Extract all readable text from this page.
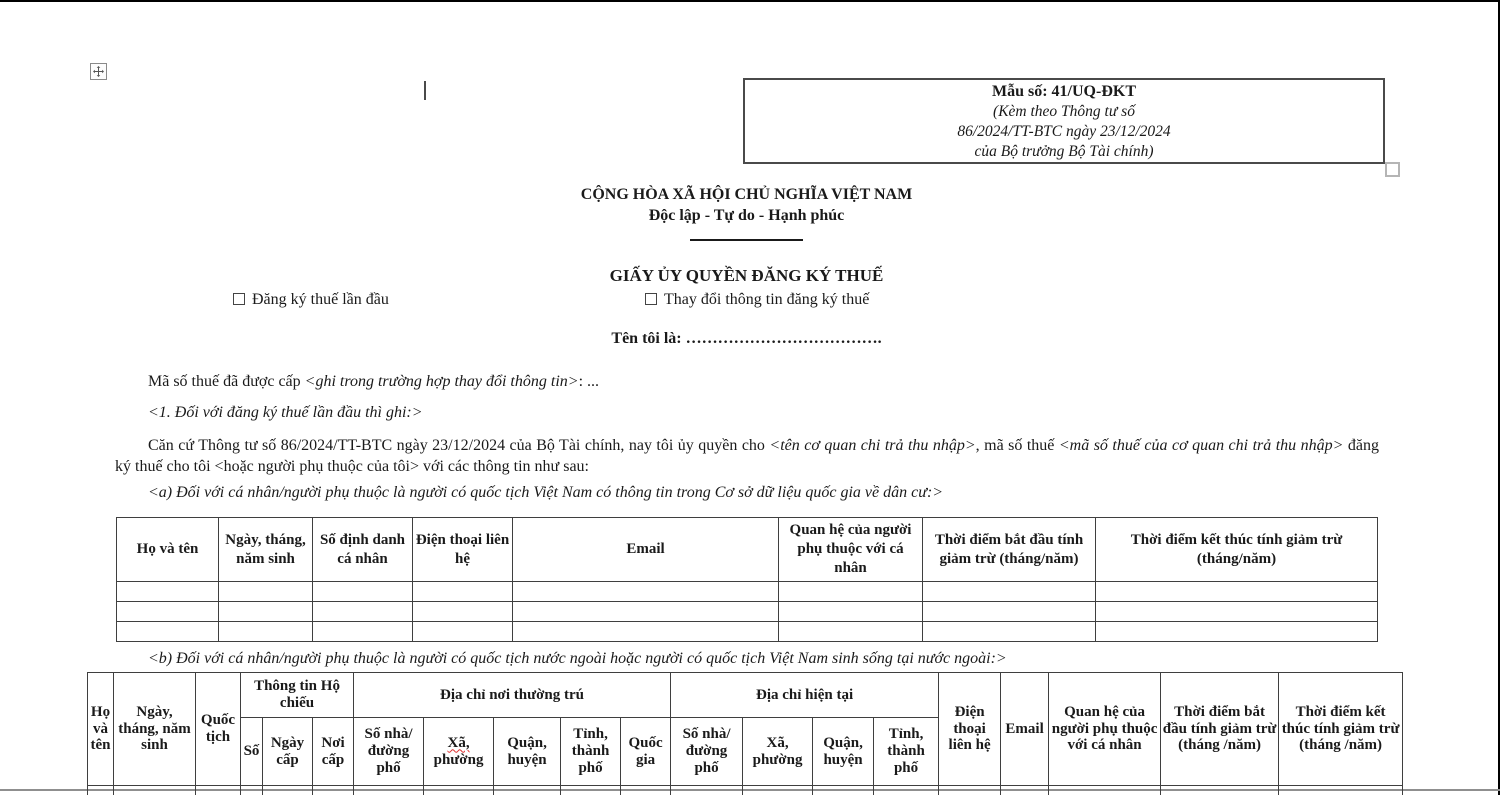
Mẫu số: 41/UQ-ĐKT
(Kèm theo Thông tư số
86/2024/TT-BTC ngày 23/12/2024
của Bộ trưởng Bộ Tài chính)
CỘNG HÒA XÃ HỘI CHỦ NGHĨA VIỆT NAM
Độc lập - Tự do - Hạnh phúc
GIẤY ỦY QUYỀN ĐĂNG KÝ THUẾ
Đăng ký thuế lần đầu	Thay đổi thông tin đăng ký thuế
Tên tôi là: ……………………………….
Mã số thuế đã được cấp <ghi trong trường hợp thay đổi thông tin>: ...
<1. Đối với đăng ký thuế lần đầu thì ghi:>
Căn cứ Thông tư số 86/2024/TT-BTC ngày 23/12/2024 của Bộ Tài chính, nay tôi ủy quyền cho <tên cơ quan chi trả thu nhập>, mã số thuế <mã số thuế của cơ quan chi trả thu nhập> đăng ký thuế cho tôi <hoặc người phụ thuộc của tôi> với các thông tin như sau:
<a) Đối với cá nhân/người phụ thuộc là người có quốc tịch Việt Nam có thông tin trong Cơ sở dữ liệu quốc gia về dân cư:>
Họ và tên	Ngày, tháng, năm sinh	Số định danh cá nhân	Điện thoại liên hệ	Email	Quan hệ của người phụ thuộc với cá nhân	Thời điểm bắt đầu tính giảm trừ (tháng/năm)	Thời điểm kết thúc tính giảm trừ (tháng/năm)

<b) Đối với cá nhân/người phụ thuộc là người có quốc tịch nước ngoài hoặc người có quốc tịch Việt Nam sinh sống tại nước ngoài:>
Họ và tên	Ngày, tháng, năm sinh	Quốc tịch	Thông tin Hộ chiếu			Địa chỉ nơi thường trú					Địa chỉ hiện tại				Điện thoại liên hệ	Email	Quan hệ của người phụ thuộc với cá nhân	Thời điểm bắt đầu tính giảm trừ (tháng /năm)	Thời điểm kết thúc tính giảm trừ (tháng /năm)
			Số	Ngày cấp	Nơi cấp	Số nhà/ đường phố	Xã, phường	Quận, huyện	Tỉnh, thành phố	Quốc gia	Số nhà/ đường phố	Xã, phường	Quận, huyện	Tỉnh, thành phố					
